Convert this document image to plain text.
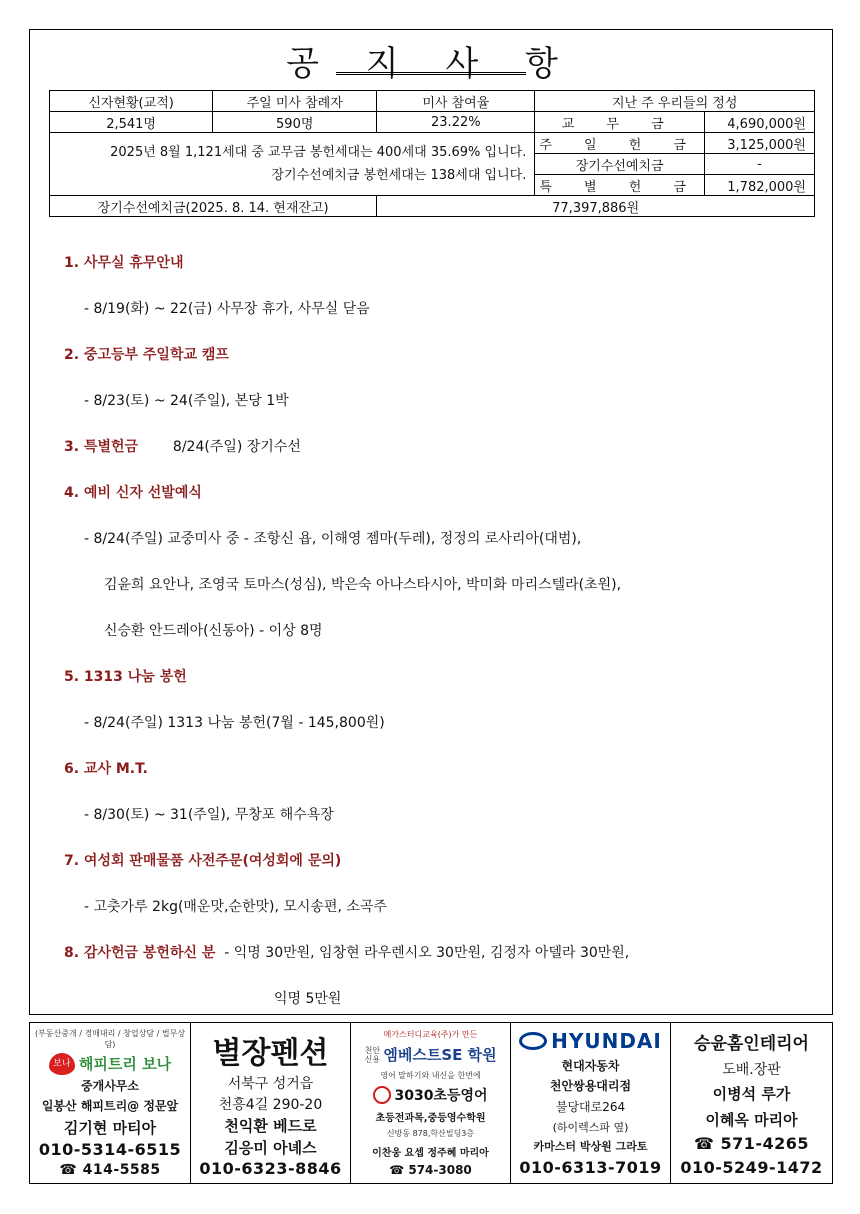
공 지 사 항
신자현황(교적)	주일 미사 참례자	미사 참여율	지난 주 우리들의 정성	
2,541명	590명	23.22%	교 무 금	4,690,000원

2025년 8월 1,121세대 중 교무금 봉헌세대는 400세대 35.69% 입니다.
장기수선예치금 봉헌세대는 138세대 입니다.			주 일 헌 금	3,125,000원
			장기수선예치금	-
			특 별 헌 금	1,782,000원
장기수선예치금(2025. 8. 14. 현재잔고)		77,397,886원		
1. 사무실 휴무안내
- 8/19(화) ~ 22(금) 사무장 휴가, 사무실 닫음
2. 중고등부 주일학교 캠프
- 8/23(토) ~ 24(주일), 본당 1박
3. 특별헌금 8/24(주일) 장기수선
4. 예비 신자 선발예식
- 8/24(주일) 교중미사 중 - 조항신 욥, 이해영 젬마(두레), 정정의 로사리아(대범),
김윤희 요안나, 조영국 토마스(성심), 박은숙 아나스타시아, 박미화 마리스텔라(초원),
신승환 안드레아(신동아) - 이상 8명
5. 1313 나눔 봉헌
- 8/24(주일) 1313 나눔 봉헌(7월 - 145,800원)
6. 교사 M.T.
- 8/30(토) ~ 31(주일), 무창포 해수욕장
7. 여성회 판매물품 사전주문(여성회에 문의)
- 고춧가루 2kg(매운맛,순한맛), 모시송편, 소곡주
8. 감사헌금 봉헌하신 분 - 익명 30만원, 임창현 라우렌시오 30만원, 김정자 아델라 30만원,
익명 5만원
(부동산중개 / 경매대리 / 창업상담 / 법무상담)
보나 해피트리 보나
중개사무소
일봉산 해피트리@ 정문앞
김기현 마티아
010-5314-6515
☎ 414-5585
별장펜션
서북구 성거읍
천흥4길 290-20
천익환 베드로
김응미 아녜스
010-6323-8846
메가스터디교육(주)가 만든
천안 신용 엠베스트SE 학원
영어 말하기와 내신을 한번에
3030초등영어
초등전과목,중등영수학원
신방동 878,학산빌딩3층
이찬웅 요셉 정주혜 마리아
☎ 574-3080
HYUNDAI
현대자동차
천안쌍용대리점
불당대로264
(하이렉스파 옆)
카마스터 박상원 그라토
010-6313-7019
승윤홈인테리어
도배.장판
이병석 루가
이혜옥 마리아
☎ 571-4265
010-5249-1472
